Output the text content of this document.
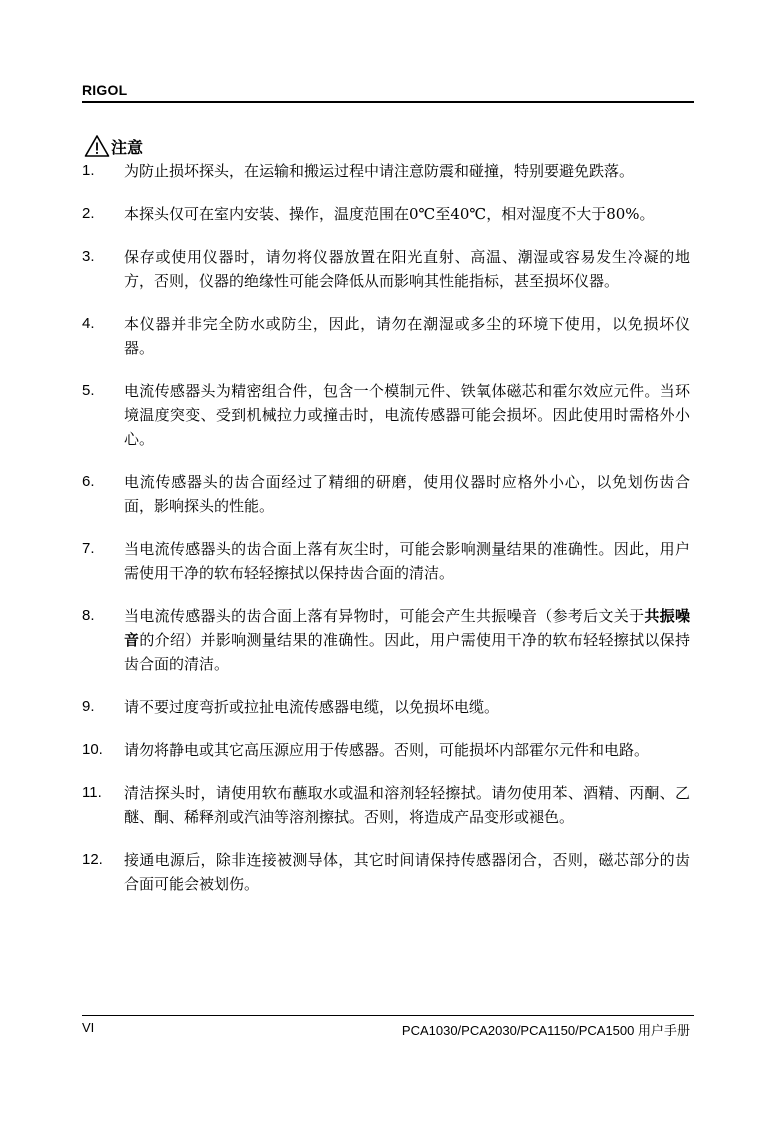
RIGOL
注意
1.	为防止损坏探头，在运输和搬运过程中请注意防震和碰撞，特别要避免跌落。
2.	本探头仅可在室内安装、操作，温度范围在0℃至40℃，相对湿度不大于80%。
3.	保存或使用仪器时，请勿将仪器放置在阳光直射、高温、潮湿或容易发生冷凝的地方，否则，仪器的绝缘性可能会降低从而影响其性能指标，甚至损坏仪器。
4.	本仪器并非完全防水或防尘，因此，请勿在潮湿或多尘的环境下使用，以免损坏仪器。
5.	电流传感器头为精密组合件，包含一个模制元件、铁氧体磁芯和霍尔效应元件。当环境温度突变、受到机械拉力或撞击时，电流传感器可能会损坏。因此使用时需格外小心。
6.	电流传感器头的齿合面经过了精细的研磨，使用仪器时应格外小心，以免划伤齿合面，影响探头的性能。
7.	当电流传感器头的齿合面上落有灰尘时，可能会影响测量结果的准确性。因此，用户需使用干净的软布轻轻擦拭以保持齿合面的清洁。
8.	当电流传感器头的齿合面上落有异物时，可能会产生共振噪音（参考后文关于共振噪音的介绍）并影响测量结果的准确性。因此，用户需使用干净的软布轻轻擦拭以保持齿合面的清洁。
9.	请不要过度弯折或拉扯电流传感器电缆，以免损坏电缆。
10.	请勿将静电或其它高压源应用于传感器。否则，可能损坏内部霍尔元件和电路。
11.	清洁探头时，请使用软布蘸取水或温和溶剂轻轻擦拭。请勿使用苯、酒精、丙酮、乙醚、酮、稀释剂或汽油等溶剂擦拭。否则，将造成产品变形或褪色。
12.	接通电源后，除非连接被测导体，其它时间请保持传感器闭合，否则，磁芯部分的齿合面可能会被划伤。
VI	PCA1030/PCA2030/PCA1150/PCA1500 用户手册
